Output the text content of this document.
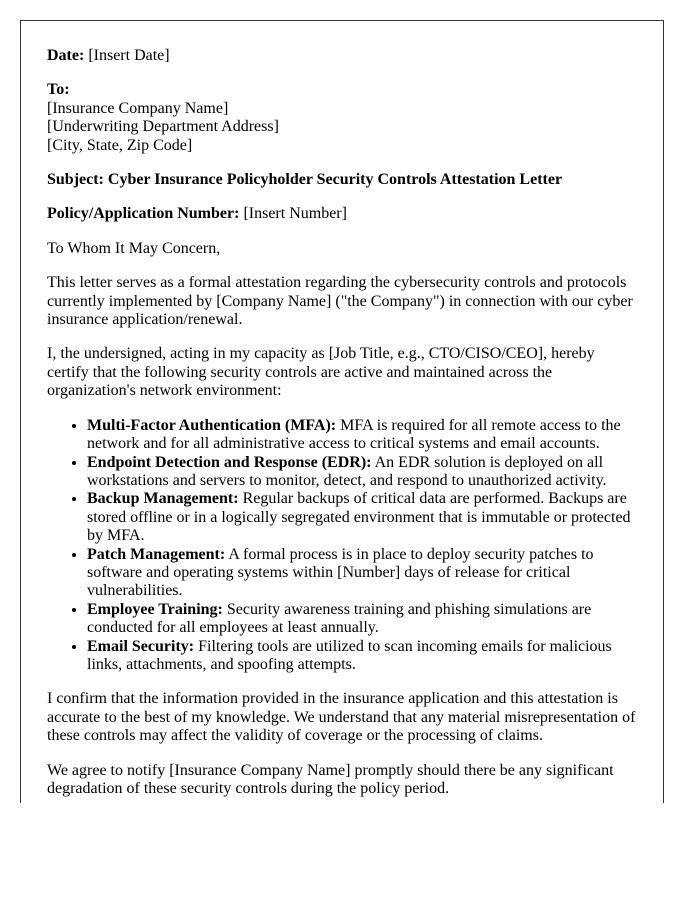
Date: [Insert Date]

To:
[Insurance Company Name]
[Underwriting Department Address]
[City, State, Zip Code]

Subject: Cyber Insurance Policyholder Security Controls Attestation Letter

Policy/Application Number: [Insert Number]

To Whom It May Concern,

This letter serves as a formal attestation regarding the cybersecurity controls and protocols currently implemented by [Company Name] ("the Company") in connection with our cyber insurance application/renewal.

I, the undersigned, acting in my capacity as [Job Title, e.g., CTO/CISO/CEO], hereby certify that the following security controls are active and maintained across the organization's network environment:

• Multi-Factor Authentication (MFA): MFA is required for all remote access to the network and for all administrative access to critical systems and email accounts.
• Endpoint Detection and Response (EDR): An EDR solution is deployed on all workstations and servers to monitor, detect, and respond to unauthorized activity.
• Backup Management: Regular backups of critical data are performed. Backups are stored offline or in a logically segregated environment that is immutable or protected by MFA.
• Patch Management: A formal process is in place to deploy security patches to software and operating systems within [Number] days of release for critical vulnerabilities.
• Employee Training: Security awareness training and phishing simulations are conducted for all employees at least annually.
• Email Security: Filtering tools are utilized to scan incoming emails for malicious links, attachments, and spoofing attempts.

I confirm that the information provided in the insurance application and this attestation is accurate to the best of my knowledge. We understand that any material misrepresentation of these controls may affect the validity of coverage or the processing of claims.

We agree to notify [Insurance Company Name] promptly should there be any significant degradation of these security controls during the policy period.
